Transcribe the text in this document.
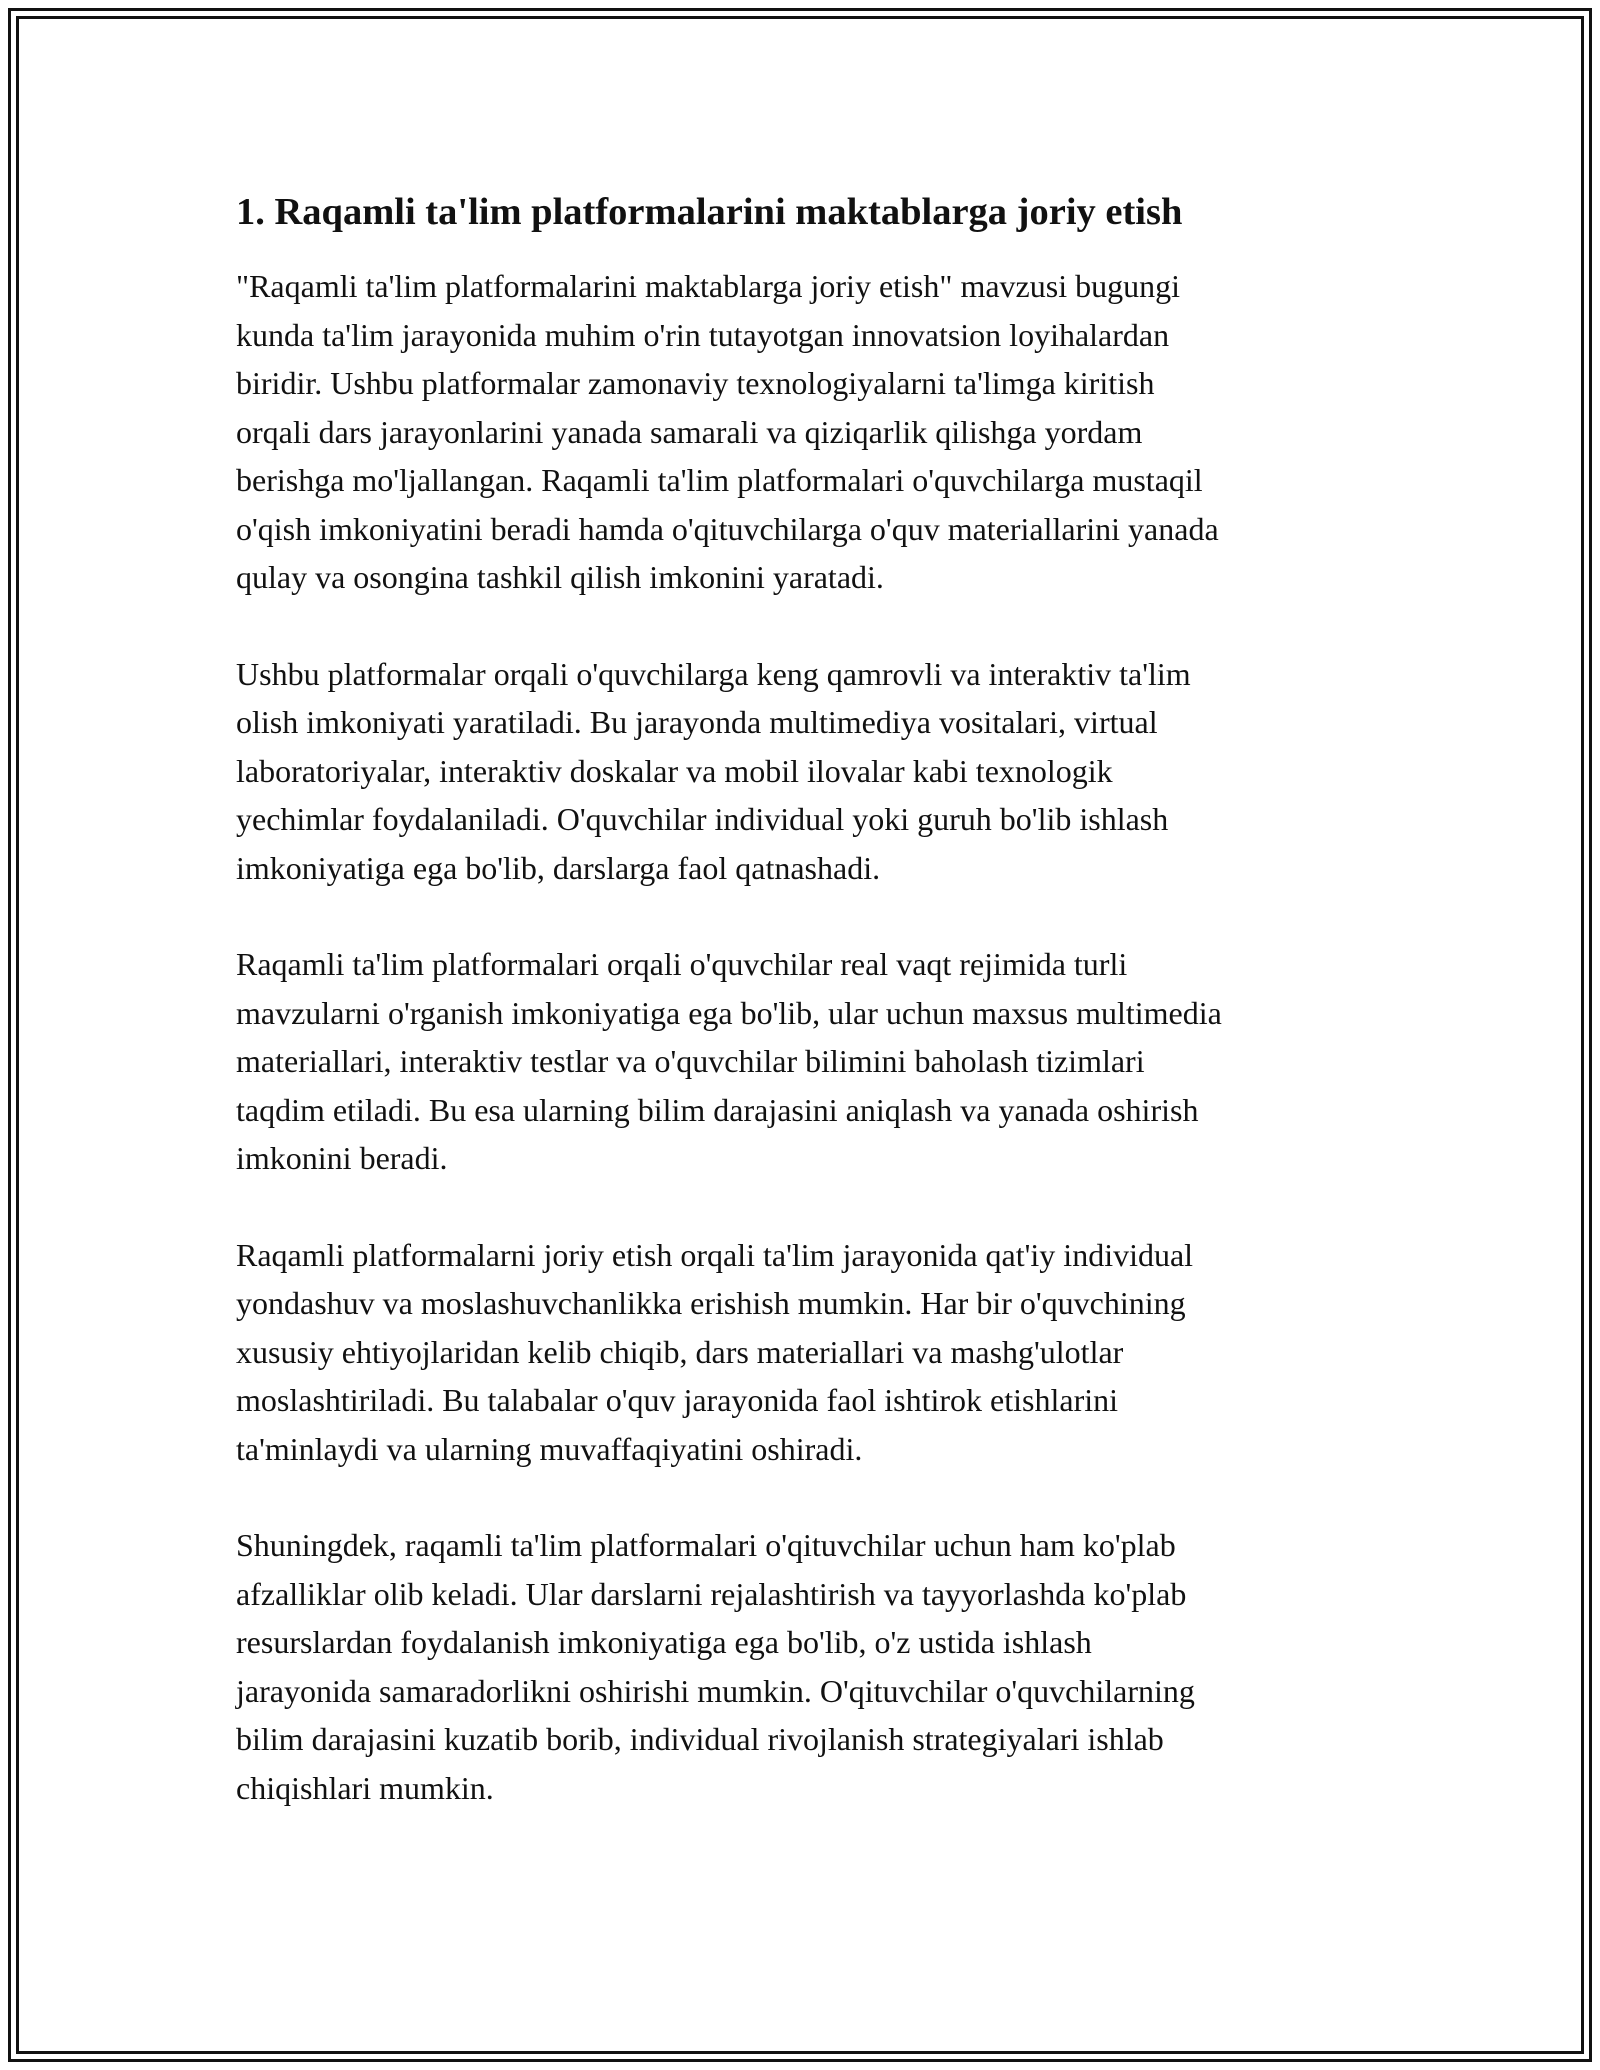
1. Raqamli ta'lim platformalarini maktablarga joriy etish

"Raqamli ta'lim platformalarini maktablarga joriy etish" mavzusi bugungi
kunda ta'lim jarayonida muhim o'rin tutayotgan innovatsion loyihalardan
biridir. Ushbu platformalar zamonaviy texnologiyalarni ta'limga kiritish
orqali dars jarayonlarini yanada samarali va qiziqarlik qilishga yordam
berishga mo'ljallangan. Raqamli ta'lim platformalari o'quvchilarga mustaqil
o'qish imkoniyatini beradi hamda o'qituvchilarga o'quv materiallarini yanada
qulay va osongina tashkil qilish imkonini yaratadi.

Ushbu platformalar orqali o'quvchilarga keng qamrovli va interaktiv ta'lim
olish imkoniyati yaratiladi. Bu jarayonda multimediya vositalari, virtual
laboratoriyalar, interaktiv doskalar va mobil ilovalar kabi texnologik
yechimlar foydalaniladi. O'quvchilar individual yoki guruh bo'lib ishlash
imkoniyatiga ega bo'lib, darslarga faol qatnashadi.

Raqamli ta'lim platformalari orqali o'quvchilar real vaqt rejimida turli
mavzularni o'rganish imkoniyatiga ega bo'lib, ular uchun maxsus multimedia
materiallari, interaktiv testlar va o'quvchilar bilimini baholash tizimlari
taqdim etiladi. Bu esa ularning bilim darajasini aniqlash va yanada oshirish
imkonini beradi.

Raqamli platformalarni joriy etish orqali ta'lim jarayonida qat'iy individual
yondashuv va moslashuvchanlikka erishish mumkin. Har bir o'quvchining
xususiy ehtiyojlaridan kelib chiqib, dars materiallari va mashg'ulotlar
moslashtiriladi. Bu talabalar o'quv jarayonida faol ishtirok etishlarini
ta'minlaydi va ularning muvaffaqiyatini oshiradi.

Shuningdek, raqamli ta'lim platformalari o'qituvchilar uchun ham ko'plab
afzalliklar olib keladi. Ular darslarni rejalashtirish va tayyorlashda ko'plab
resurslardan foydalanish imkoniyatiga ega bo'lib, o'z ustida ishlash
jarayonida samaradorlikni oshirishi mumkin. O'qituvchilar o'quvchilarning
bilim darajasini kuzatib borib, individual rivojlanish strategiyalari ishlab
chiqishlari mumkin.
